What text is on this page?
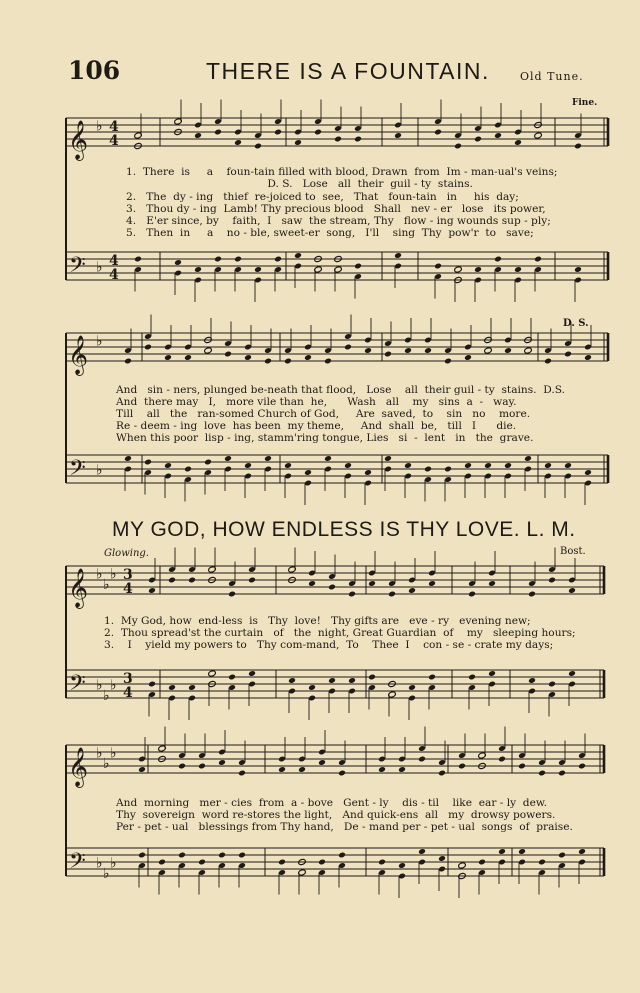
106	THERE IS A FOUNTAIN.	Old Tune.
Fine.
D. S.
MY GOD, HOW ENDLESS IS THY LOVE. L. M.
Glowing.	Bost.
𝄞 ♭ 4
4
𝄢 ♭ 4
4
𝄞 ♭
𝄢 ♭
𝄞 ♭
♭
♭ 3
4
𝄢 ♭
♭
♭ 3
4
𝄞 ♭
♭
♭
𝄢 ♭
♭
♭
1.  There  is     a    foun-tain filled with blood, Drawn  from  Im - man-ual's veins;
D. S.   Lose   all  their  guil - ty  stains.
2.   The  dy - ing   thief  re-joiced to  see,   That   foun-tain   in     his  day;
3.   Thou dy - ing  Lamb! Thy precious blood   Shall   nev - er   lose   its power,
4.   E'er since, by    faith,  I   saw  the stream, Thy   flow - ing wounds sup - ply;
5.   Then  in     a    no - ble, sweet-er  song,   I'll    sing  Thy  pow'r  to   save;
And   sin - ners, plunged be-neath that flood,   Lose    all  their guil - ty  stains.  D.S.
And  there may   I,   more vile than  he,      Wash   all    my   sins  a  -   way.
Till    all   the   ran-somed Church of God,     Are  saved,  to    sin   no    more.
Re - deem - ing  love  has been  my theme,     And  shall  be,   till   I      die.
When this poor  lisp - ing, stamm'ring tongue, Lies   si  -  lent   in   the  grave.
1.  My God, how  end-less  is   Thy  love!   Thy gifts are   eve - ry   evening new;
2.  Thou spread'st the curtain   of   the  night, Great Guardian  of    my   sleeping hours;
3.    I    yield my powers to   Thy com-mand,  To    Thee  I    con - se - crate my days;
And  morning   mer - cies  from  a - bove   Gent - ly    dis - til    like  ear - ly  dew.
Thy  sovereign  word re-stores the light,   And quick-ens  all   my  drowsy powers.
Per - pet - ual   blessings from Thy hand,   De - mand per - pet - ual  songs  of  praise.
